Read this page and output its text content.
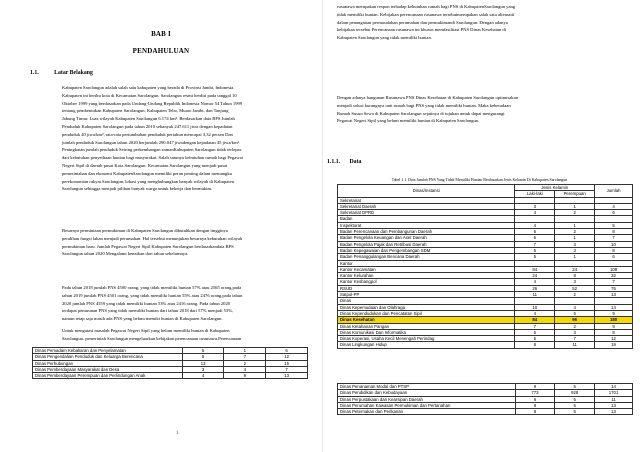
BAB I
PENDAHULUAN
1.1.	Latar Belakang
Kabupaten Sarolangun adalah salah satu kabupaten yang berada di Provinsi Jambi, Indonesia.
Kabupaten ini beribu kota di Kecamatan Sarolangun. Sarolangun resmi berdiri pada tanggal 10
Oktober 1999 yang berdasarkan pada Undang-Undang Republik Indonesia Nomor 54 Tahun 1999
tentang pembentukan Kabupaten Sarolangun, Kabupaten Tebo, Muaro Jambi, dan Tanjung
Jabung Timur. Luas wilayah Kabupaten Sarolangun 6.174 km². Berdasarkan data BPS Jumlah
Penduduk Kabupaten Sarolangun pada tahun 2010 sebanyak 247.611 jiwa dengan kepadatan
penduduk 40 jiwa/km², rata-rata pertumbuhan penduduk pertahun mencapai 3,32 persen Dan
jumlah penduduk Sarolangun tahun 2020 berjumlah 290.047 jiwadengan kepadatan 45 jiwa/km².
Peningkatan jumlah penduduk Seiring perkembangan zamanKabupaten Sarolangun tidak terlepas
dari kebutuhan penyediaan hunian bagi masyarakat. Salah satunya kebutuhan rumah bagi Pegawai
Negeri Sipil di daerah pusat Kota Sarolangun. Kecamatan Sarolangun yang menjadi pusat
pemerintahan dan ekonomi KabupatenSarolangun memiliki peran penting dalam memangku
perekonomian rakyat Sarolangun, lokasi yang menghubungkan banyak wilayah di Kabupaten
Sarolangun sehingga menjadi pilihan banyak warga untuk bekerja dan bermukim.
Besarnya permintaan permukiman di Kabupaten Sarolangun dibutuhkan dengan tingginya
peralihan fungsi lahan menjadi perumahan. Hal tersebut menunjukan besarnya kebutuhan wilayah
permukiman baru. Jumlah Pegawai Negeri Sipil Kabupaten Sarolangun berdasarkandata BPS
Sarolangun tahun 2020 Mengalami kenaikan dari tahun sebelumnya.
Pada tahun 2018 jumlah PNS 4500 orang, yang tidak memiliki hunian 57% atau 2565 orang,pada
tahun 2019 jumlah PNS 4501 orang, yang tidak memiliki hunian 55% atau 2476 orang,pada tahun
2020 jumlah PNS 4559 yang tidak memiliki hunian 53% atau 2416 orang. Pada tahun 2020
terdapat penurunan PNS yang tidak memiliki hunian dari tahun 2018 dari 57% menjadi 53%,
namun tetap saja masih ada PNS yang belum memiki hunian di Kabupaten Sarolangun.
Untuk mengatasi masalah Pegawai Negeri Sipil yang belum memiliki hunian di Kabupaten
Sarolangun, pemerintah Sarolangun mengeluarkan kebijakan perencanaan rusunawa.Perencanaan
Dinas Pemadam Kebakaran dan Penyelamatan	5	1	6
Dinas Pengendalian Penduduk dan Keluarga Berencana	5	7	12
Dinas Perhubungan	13	2	15
Dinas Pemberdayaan Masyarakat dan Desa	3	4	7
Dinas Pemberdayaan Perempuan dan Perlindungan Anak	4	9	13
1
rusunawa merupakan respon terhadap kebutuhan rumah bagi PNS di KabupatenSarolangun yang
tidak memiliki hunian. Kebijakan perencanaan rusunawa tersebutmerupakan salah satu alternatif
dalam penanganan permasalahan perumahan dan permukimandi Sarolangun. Dengan adanya
kebijakan tersebut Perencanaan rusunawa ini khusus memfasilitasi PNS Dinas Kesehatan di
Kabupaten Sarolangun yang tidak memiliki hunian.
Dengan adanya bangunan Rusunawa PNS Dinas Kesehatan di Kabupaten Sarolangun optimisakan
menjadi solusi kurangnya unit rumah bagi PNS yang tidak memiliki hunian. Maka keberadaan
Rumah Susun Sewa di Kabupaten Sarolangun sejatinya di tujukan untuk dapat mengurangi
Pegawai Negeri Sipil yang belum memiliki hunian di Kabupaten Sarolangun.
1.1.1. Data
Tabel 1.1. Data Jumlah PNS Yang Tidak Memiliki Hunian Berdasarkan Jenis Kelamin Di Kabupaten Sarolangun
Dinas/Instansi	Jenis Kelamin		Jumlah
	Laki-laki	Perempuan	
Sekretariat			
Sekretariat Daerah	3	1	4
Sekretariat DPRD	4	2	6
Badan			
Inspektorat	4	1	5
Badan Perencanaan dan Pembangunan Daerah	6	2	8
Badan Pengelola Keuangan dan Aset Daerah	6	1	7
Badan Pengelola Pajak dan Retribusi Daerah	7	3	10
Badan Kepegawaian dan Pengembangan SDM	5	3	8
Badan Penanggulangan Bencana Daerah	5	1	6
Kantor			
Kantor Kecamatan	84	24	108
Kantor Kelurahan	24	8	32
Kantor Kesbangpol	4	3	7
RSUD	26	52	76
Satpol-PP	11	2	13
Dinas			
Dinas Kepemudaan dan Olahraga	10	4	14
Dinas Kependudukan dan Pencatatan Sipil	4	5	9
Dinas Kesehatan	84	96	180
Dinas Ketahanan Pangan	7	2	9
Dinas Komunikasi Dan Informatika	5	3	8
Dinas Koperasi, Usaha Kecil Menengah Perindag	5	7	12
Dinas Lingkungan Hidup	8	11	19
Dinas Penanaman Modal dan PTSP	9	5	14
Dinas Pendidikan dan Kebudayaan	773	928	1701
Dinas Perpustakaan dan Kearsipan Daerah	6	5	11
Dinas Perumahan Kawasan Permukiman dan Pertanahan	8	5	13
Dinas Peternakan dan Perikanan	8	5	13
